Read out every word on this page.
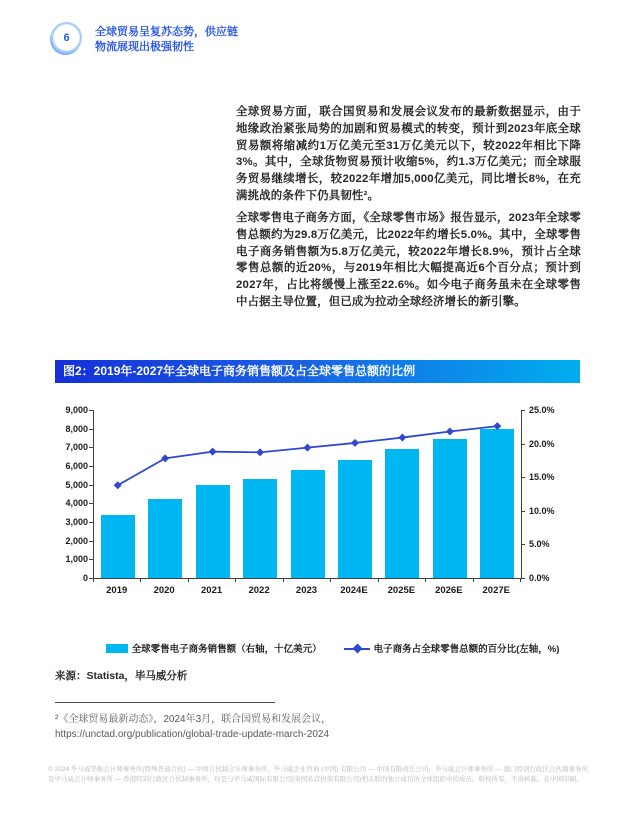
6 全球贸易呈复苏态势，供应链
物流展现出极强韧性

全球贸易方面，联合国贸易和发展会议发布的最新数据显示，由于地缘政治紧张局势的加剧和贸易模式的转变，预计到2023年底全球贸易额将缩减约1万亿美元至31万亿美元以下，较2022年相比下降3%。其中，全球货物贸易预计收缩5%，约1.3万亿美元；而全球服务贸易继续增长，较2022年增加5,000亿美元，同比增长8%，在充满挑战的条件下仍具韧性²。

全球零售电子商务方面，《全球零售市场》报告显示，2023年全球零售总额约为29.8万亿美元，比2022年约增长5.0%。其中，全球零售电子商务销售额为5.8万亿美元，较2022年增长8.9%，预计占全球零售总额的近20%，与2019年相比大幅提高近6个百分点；预计到2027年，占比将缓慢上涨至22.6%。如今电子商务虽未在全球零售中占据主导位置，但已成为拉动全球经济增长的新引擎。

图2：2019年-2027年全球电子商务销售额及占全球零售总额的比例
0
1,000
2,000
3,000
4,000
5,000
6,000
7,000
8,000
9,000
0.0%
5.0%
10.0%
15.0%
20.0%
25.0%
2019	2020	2021	2022	2023	2024E	2025E	2026E	2027E
全球零售电子商务销售额（右轴，十亿美元）	电子商务占全球零售总额的百分比(左轴，%)
来源：Statista，毕马威分析
²《全球贸易最新动态》，2024年3月，联合国贸易和发展会议，
https://unctad.org/publication/global-trade-update-march-2024
© 2024 毕马威华振会计师事务所(特殊普通合伙) — 中国合伙制会计师事务所，毕马威企业咨询 (中国) 有限公司 — 中国有限责任公司，毕马威会计师事务所 — 澳门特别行政区合伙制事务所，及毕马威会计师事务所 — 香港特别行政区合伙制事务所，均是与毕马威国际有限公司(英国私营担保有限公司)相关联的独立成员所全球组织中的成员。版权所有，不得转载。在中国印刷。
